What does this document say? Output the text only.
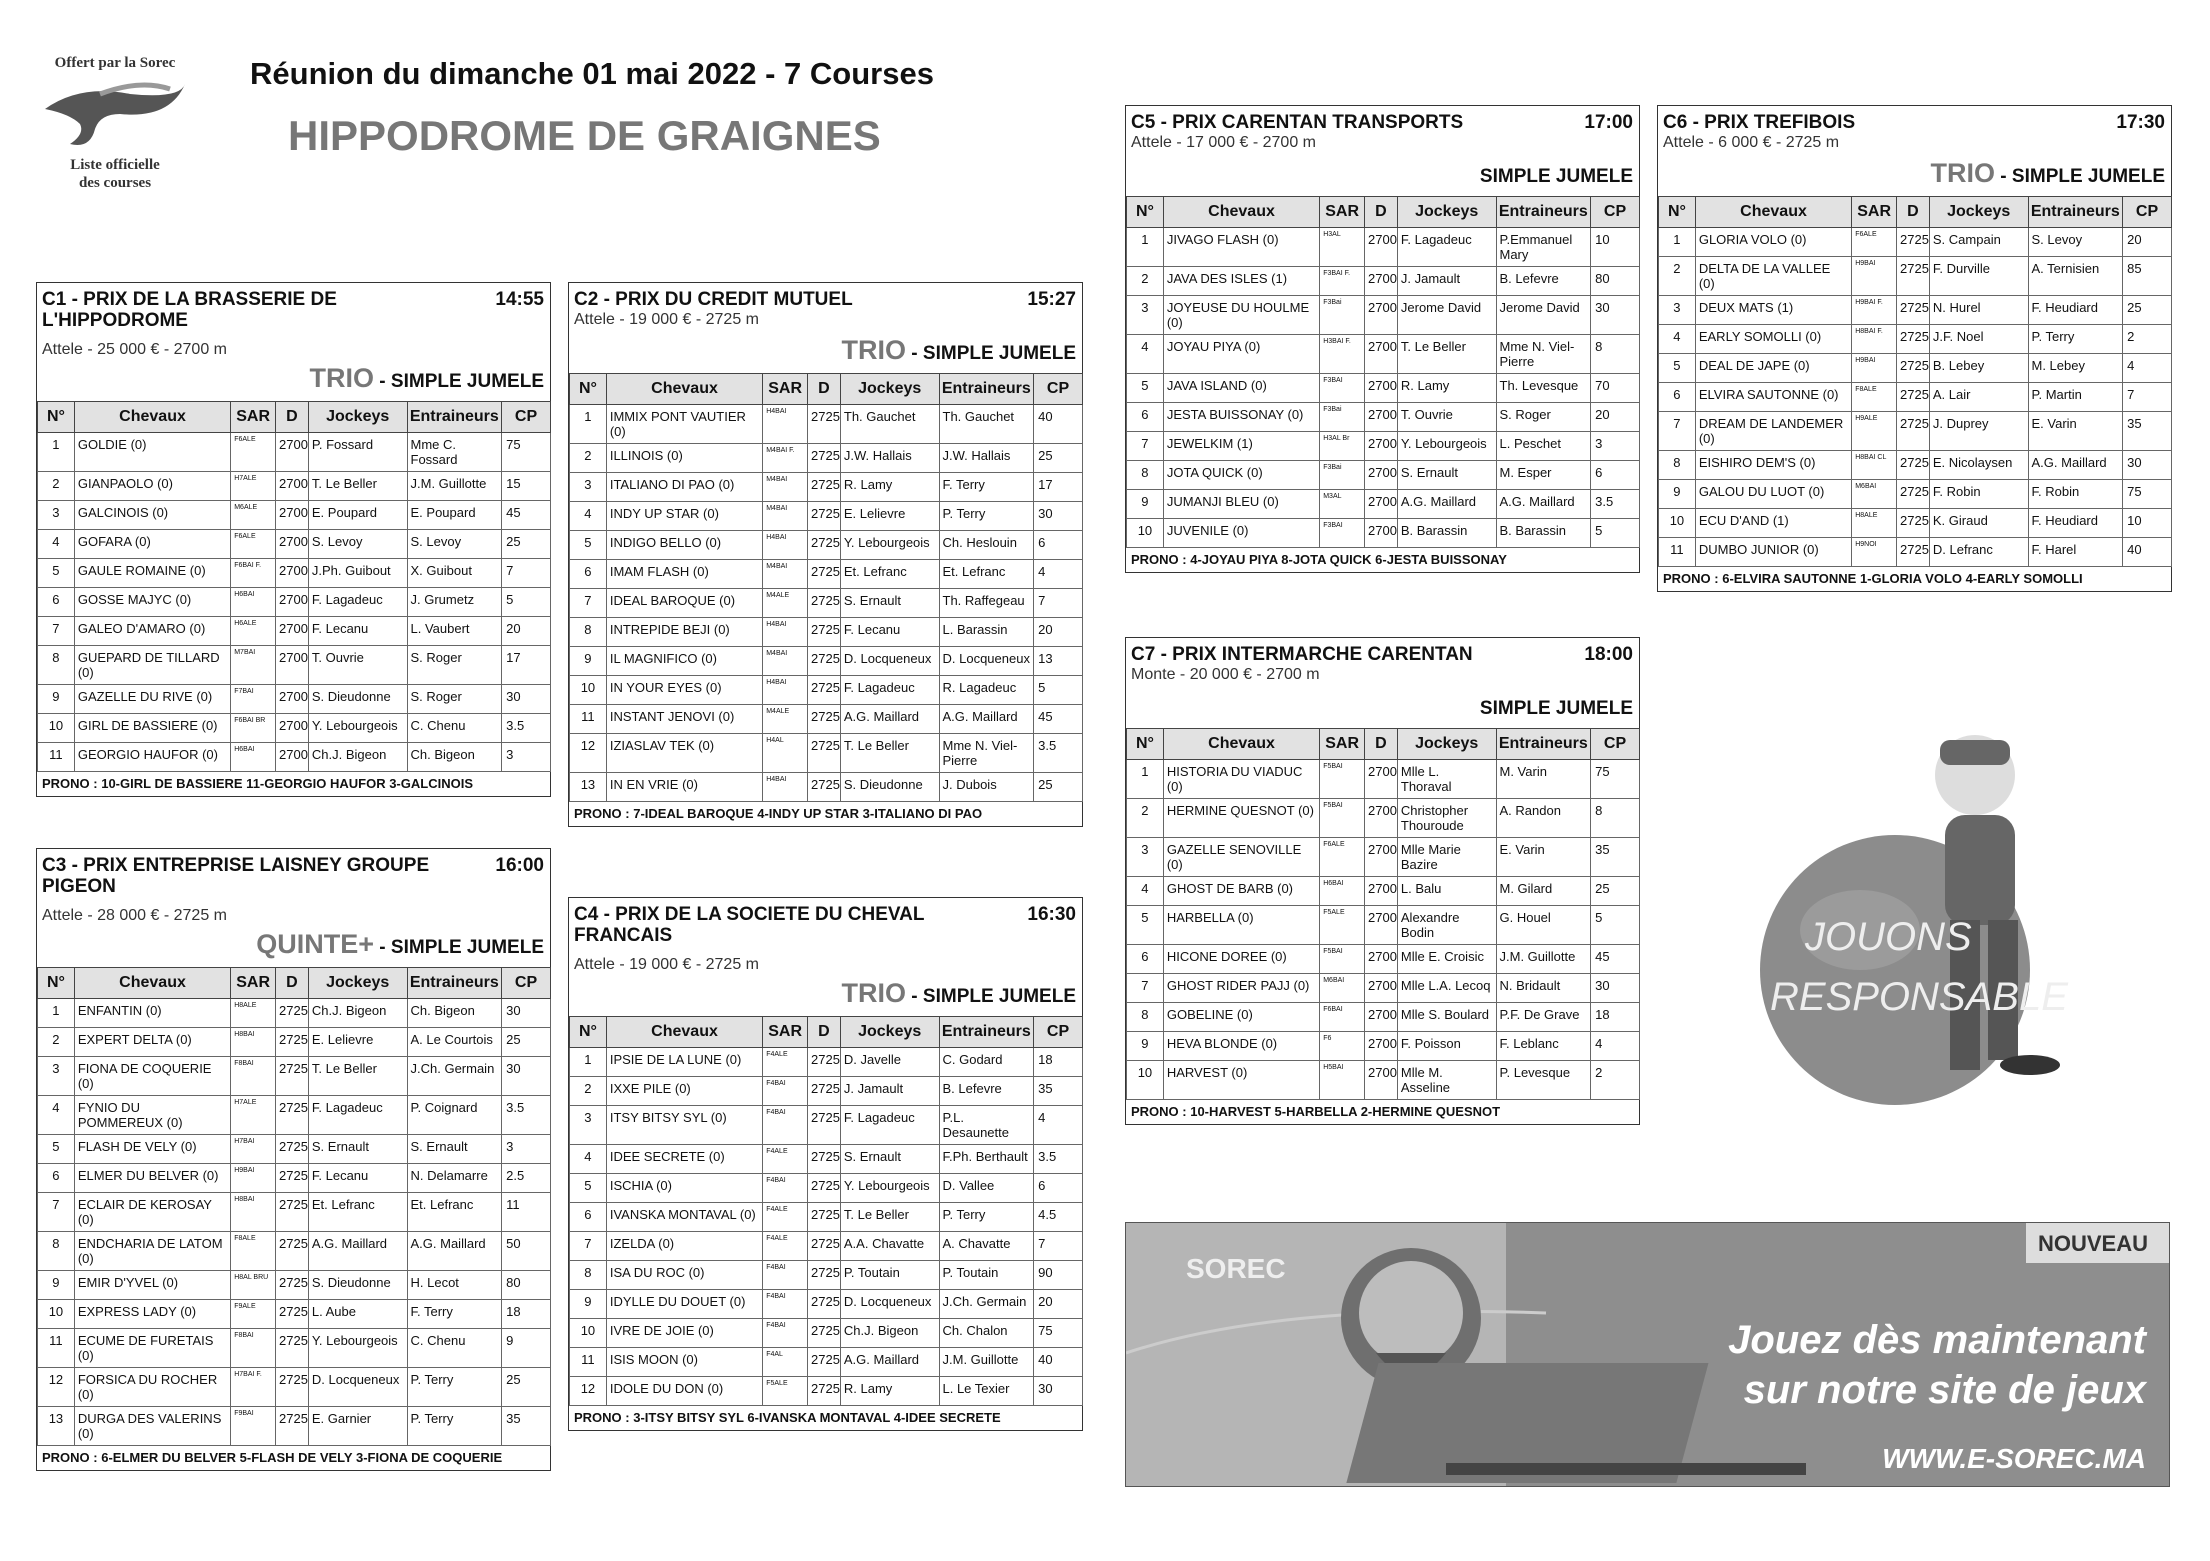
Offert par la Sorec
Liste officielle
des courses
Réunion du dimanche 01 mai 2022 - 7 Courses
HIPPODROME DE GRAIGNES
C1 - PRIX DE LA BRASSERIE DE
L'HIPPODROME
14:55
Attele - 25 000 € - 2700 m
TRIO - SIMPLE JUMELE
N°	Chevaux	SAR	D	Jockeys	Entraineurs	CP
1	GOLDIE (0)	F6ALE	2700	P. Fossard	Mme C. Fossard	75
2	GIANPAOLO (0)	H7ALE	2700	T. Le Beller	J.M. Guillotte	15
3	GALCINOIS (0)	M6ALE	2700	E. Poupard	E. Poupard	45
4	GOFARA (0)	F6ALE	2700	S. Levoy	S. Levoy	25
5	GAULE ROMAINE (0)	F6BAI F.	2700	J.Ph. Guibout	X. Guibout	7
6	GOSSE MAJYC (0)	H6BAI	2700	F. Lagadeuc	J. Grumetz	5
7	GALEO D'AMARO (0)	H6ALE	2700	F. Lecanu	L. Vaubert	20
8	GUEPARD DE TILLARD (0)	M7BAI	2700	T. Ouvrie	S. Roger	17
9	GAZELLE DU RIVE (0)	F7BAI	2700	S. Dieudonne	S. Roger	30
10	GIRL DE BASSIERE (0)	F6BAI BR	2700	Y. Lebourgeois	C. Chenu	3.5
11	GEORGIO HAUFOR (0)	H6BAI	2700	Ch.J. Bigeon	Ch. Bigeon	3
PRONO : 10-GIRL DE BASSIERE 11-GEORGIO HAUFOR 3-GALCINOIS
C2 - PRIX DU CREDIT MUTUEL	15:27
Attele - 19 000 € - 2725 m
TRIO - SIMPLE JUMELE
N°	Chevaux	SAR	D	Jockeys	Entraineurs	CP
1	IMMIX PONT VAUTIER (0)	H4BAI	2725	Th. Gauchet	Th. Gauchet	40
2	ILLINOIS (0)	M4BAI F.	2725	J.W. Hallais	J.W. Hallais	25
3	ITALIANO DI PAO (0)	M4BAI	2725	R. Lamy	F. Terry	17
4	INDY UP STAR (0)	M4BAI	2725	E. Lelievre	P. Terry	30
5	INDIGO BELLO (0)	H4BAI	2725	Y. Lebourgeois	Ch. Heslouin	6
6	IMAM FLASH (0)	M4BAI	2725	Et. Lefranc	Et. Lefranc	4
7	IDEAL BAROQUE (0)	M4ALE	2725	S. Ernault	Th. Raffegeau	7
8	INTREPIDE BEJI (0)	H4BAI	2725	F. Lecanu	L. Barassin	20
9	IL MAGNIFICO (0)	M4BAI	2725	D. Locqueneux	D. Locqueneux	13
10	IN YOUR EYES (0)	H4BAI	2725	F. Lagadeuc	R. Lagadeuc	5
11	INSTANT JENOVI (0)	M4ALE	2725	A.G. Maillard	A.G. Maillard	45
12	IZIASLAV TEK (0)	H4AL	2725	T. Le Beller	Mme N. Viel-Pierre	3.5
13	IN EN VRIE (0)	H4BAI	2725	S. Dieudonne	J. Dubois	25
PRONO : 7-IDEAL BAROQUE 4-INDY UP STAR 3-ITALIANO DI PAO
C3 - PRIX ENTREPRISE LAISNEY GROUPE
PIGEON
16:00
Attele - 28 000 € - 2725 m
QUINTE+ - SIMPLE JUMELE
N°	Chevaux	SAR	D	Jockeys	Entraineurs	CP
1	ENFANTIN (0)	H8ALE	2725	Ch.J. Bigeon	Ch. Bigeon	30
2	EXPERT DELTA (0)	H8BAI	2725	E. Lelievre	A. Le Courtois	25
3	FIONA DE COQUERIE (0)	F8BAI	2725	T. Le Beller	J.Ch. Germain	30
4	FYNIO DU POMMEREUX (0)	H7ALE	2725	F. Lagadeuc	P. Coignard	3.5
5	FLASH DE VELY (0)	H7BAI	2725	S. Ernault	S. Ernault	3
6	ELMER DU BELVER (0)	H9BAI	2725	F. Lecanu	N. Delamarre	2.5
7	ECLAIR DE KEROSAY (0)	H8BAI	2725	Et. Lefranc	Et. Lefranc	11
8	ENDCHARIA DE LATOM (0)	F8ALE	2725	A.G. Maillard	A.G. Maillard	50
9	EMIR D'YVEL (0)	H8AL BRU	2725	S. Dieudonne	H. Lecot	80
10	EXPRESS LADY (0)	F9ALE	2725	L. Aube	F. Terry	18
11	ECUME DE FURETAIS (0)	F8BAI	2725	Y. Lebourgeois	C. Chenu	9
12	FORSICA DU ROCHER (0)	H7BAI F.	2725	D. Locqueneux	P. Terry	25
13	DURGA DES VALERINS (0)	F9BAI	2725	E. Garnier	P. Terry	35
PRONO : 6-ELMER DU BELVER 5-FLASH DE VELY 3-FIONA DE COQUERIE
C4 - PRIX DE LA SOCIETE DU CHEVAL
FRANCAIS
16:30
Attele - 19 000 € - 2725 m
TRIO - SIMPLE JUMELE
N°	Chevaux	SAR	D	Jockeys	Entraineurs	CP
1	IPSIE DE LA LUNE (0)	F4ALE	2725	D. Javelle	C. Godard	18
2	IXXE PILE (0)	F4BAI	2725	J. Jamault	B. Lefevre	35
3	ITSY BITSY SYL (0)	F4BAI	2725	F. Lagadeuc	P.L. Desaunette	4
4	IDEE SECRETE (0)	F4ALE	2725	S. Ernault	F.Ph. Berthault	3.5
5	ISCHIA (0)	F4BAI	2725	Y. Lebourgeois	D. Vallee	6
6	IVANSKA MONTAVAL (0)	F4ALE	2725	T. Le Beller	P. Terry	4.5
7	IZELDA (0)	F4ALE	2725	A.A. Chavatte	A. Chavatte	7
8	ISA DU ROC (0)	F4BAI	2725	P. Toutain	P. Toutain	90
9	IDYLLE DU DOUET (0)	F4BAI	2725	D. Locqueneux	J.Ch. Germain	20
10	IVRE DE JOIE (0)	F4BAI	2725	Ch.J. Bigeon	Ch. Chalon	75
11	ISIS MOON (0)	F4AL	2725	A.G. Maillard	J.M. Guillotte	40
12	IDOLE DU DON (0)	F5ALE	2725	R. Lamy	L. Le Texier	30
PRONO : 3-ITSY BITSY SYL 6-IVANSKA MONTAVAL 4-IDEE SECRETE
C5 - PRIX CARENTAN TRANSPORTS	17:00
Attele - 17 000 € - 2700 m
SIMPLE JUMELE
N°	Chevaux	SAR	D	Jockeys	Entraineurs	CP
1	JIVAGO FLASH (0)	H3AL	2700	F. Lagadeuc	P.Emmanuel Mary	10
2	JAVA DES ISLES (1)	F3BAI F.	2700	J. Jamault	B. Lefevre	80
3	JOYEUSE DU HOULME (0)	F3Bai	2700	Jerome David	Jerome David	30
4	JOYAU PIYA (0)	H3BAI F.	2700	T. Le Beller	Mme N. Viel-Pierre	8
5	JAVA ISLAND (0)	F3BAI	2700	R. Lamy	Th. Levesque	70
6	JESTA BUISSONAY (0)	F3Bai	2700	T. Ouvrie	S. Roger	20
7	JEWELKIM (1)	H3AL Br	2700	Y. Lebourgeois	L. Peschet	3
8	JOTA QUICK (0)	F3Bai	2700	S. Ernault	M. Esper	6
9	JUMANJI BLEU (0)	M3AL	2700	A.G. Maillard	A.G. Maillard	3.5
10	JUVENILE (0)	F3BAI	2700	B. Barassin	B. Barassin	5
PRONO : 4-JOYAU PIYA 8-JOTA QUICK 6-JESTA BUISSONAY
C6 - PRIX TREFIBOIS	17:30
Attele - 6 000 € - 2725 m
TRIO - SIMPLE JUMELE
N°	Chevaux	SAR	D	Jockeys	Entraineurs	CP
1	GLORIA VOLO (0)	F6ALE	2725	S. Campain	S. Levoy	20
2	DELTA DE LA VALLEE (0)	H9BAI	2725	F. Durville	A. Ternisien	85
3	DEUX MATS (1)	H9BAI F.	2725	N. Hurel	F. Heudiard	25
4	EARLY SOMOLLI (0)	H8BAI F.	2725	J.F. Noel	P. Terry	2
5	DEAL DE JAPE (0)	H9BAI	2725	B. Lebey	M. Lebey	4
6	ELVIRA SAUTONNE (0)	F8ALE	2725	A. Lair	P. Martin	7
7	DREAM DE LANDEMER (0)	H9ALE	2725	J. Duprey	E. Varin	35
8	EISHIRO DEM'S (0)	H8BAI CL	2725	E. Nicolaysen	A.G. Maillard	30
9	GALOU DU LUOT (0)	M6BAI	2725	F. Robin	F. Robin	75
10	ECU D'AND (1)	H8ALE	2725	K. Giraud	F. Heudiard	10
11	DUMBO JUNIOR (0)	H9NOI	2725	D. Lefranc	F. Harel	40
PRONO : 6-ELVIRA SAUTONNE 1-GLORIA VOLO 4-EARLY SOMOLLI
C7 - PRIX INTERMARCHE CARENTAN	18:00
Monte - 20 000 € - 2700 m
SIMPLE JUMELE
N°	Chevaux	SAR	D	Jockeys	Entraineurs	CP
1	HISTORIA DU VIADUC (0)	F5BAI	2700	Mlle L. Thoraval	M. Varin	75
2	HERMINE QUESNOT (0)	F5BAI	2700	Christopher Thouroude	A. Randon	8
3	GAZELLE SENOVILLE (0)	F6ALE	2700	Mlle Marie Bazire	E. Varin	35
4	GHOST DE BARB (0)	H6BAI	2700	L. Balu	M. Gilard	25
5	HARBELLA (0)	F5ALE	2700	Alexandre Bodin	G. Houel	5
6	HICONE DOREE (0)	F5BAI	2700	Mlle E. Croisic	J.M. Guillotte	45
7	GHOST RIDER PAJJ (0)	M6BAI	2700	Mlle L.A. Lecoq	N. Bridault	30
8	GOBELINE (0)	F6BAI	2700	Mlle S. Boulard	P.F. De Grave	18
9	HEVA BLONDE (0)	F6	2700	F. Poisson	F. Leblanc	4
10	HARVEST (0)	H5BAI	2700	Mlle M. Asseline	P. Levesque	2
PRONO : 10-HARVEST 5-HARBELLA 2-HERMINE QUESNOT
JOUONS
RESPONSABLE
SOREC
NOUVEAU
Jouez dès maintenant
sur notre site de jeux
WWW.E-SOREC.MA
